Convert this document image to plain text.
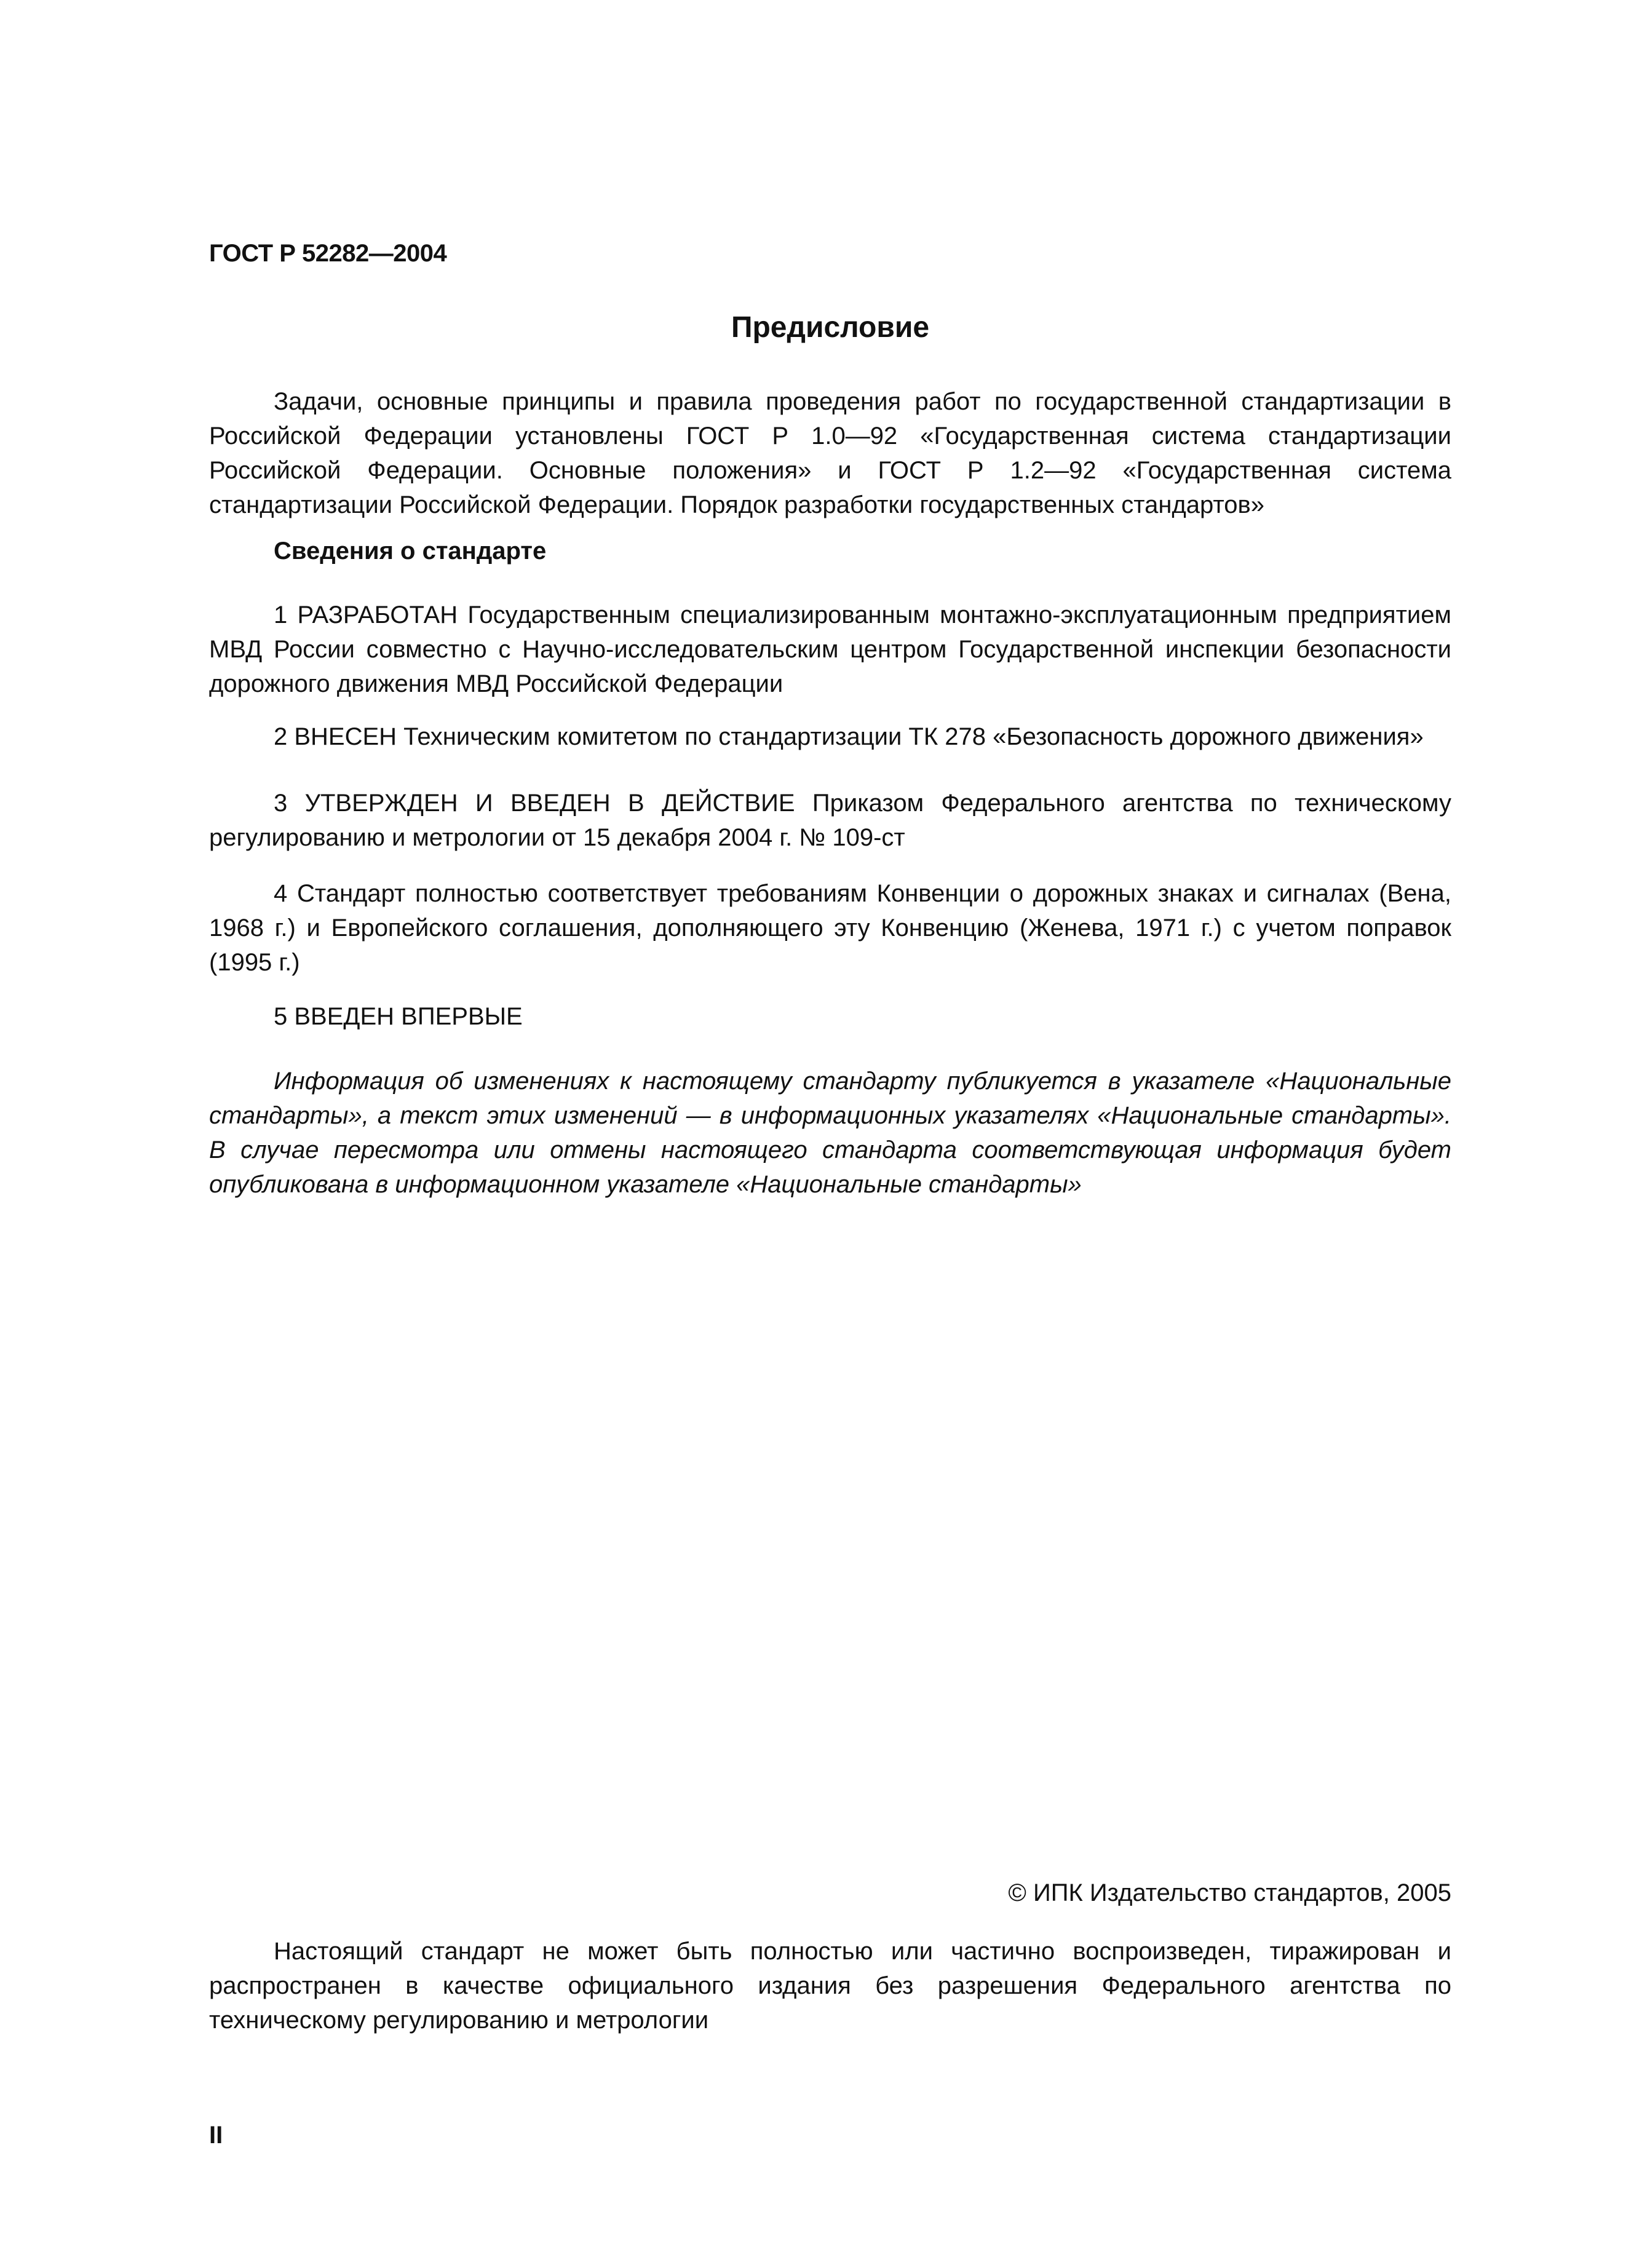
ГОСТ Р 52282—2004
Предисловие

Задачи, основные принципы и правила проведения работ по государственной стандартизации в Российской Федерации установлены ГОСТ Р 1.0—92 «Государственная система стандартизации Российской Федерации. Основные положения» и ГОСТ Р 1.2—92 «Государственная система стандартизации Российской Федерации. Порядок разработки государственных стандартов»

Сведения о стандарте

1 РАЗРАБОТАН Государственным специализированным монтажно-эксплуатационным предприятием МВД России совместно с Научно-исследовательским центром Государственной инспекции безопасности дорожного движения МВД Российской Федерации

2 ВНЕСЕН Техническим комитетом по стандартизации ТК 278 «Безопасность дорожного движения»

3 УТВЕРЖДЕН И ВВЕДЕН В ДЕЙСТВИЕ Приказом Федерального агентства по техническому регулированию и метрологии от 15 декабря 2004 г. № 109-ст

4 Стандарт полностью соответствует требованиям Конвенции о дорожных знаках и сигналах (Вена, 1968 г.) и Европейского соглашения, дополняющего эту Конвенцию (Женева, 1971 г.) с учетом поправок (1995 г.)

5 ВВЕДЕН ВПЕРВЫЕ

Информация об изменениях к настоящему стандарту публикуется в указателе «Национальные стандарты», а текст этих изменений — в информационных указателях «Национальные стандарты». В случае пересмотра или отмены настоящего стандарта соответствующая информация будет опубликована в информационном указателе «Национальные стандарты»

© ИПК Издательство стандартов, 2005

Настоящий стандарт не может быть полностью или частично воспроизведен, тиражирован и распространен в качестве официального издания без разрешения Федерального агентства по техническому регулированию и метрологии

II
